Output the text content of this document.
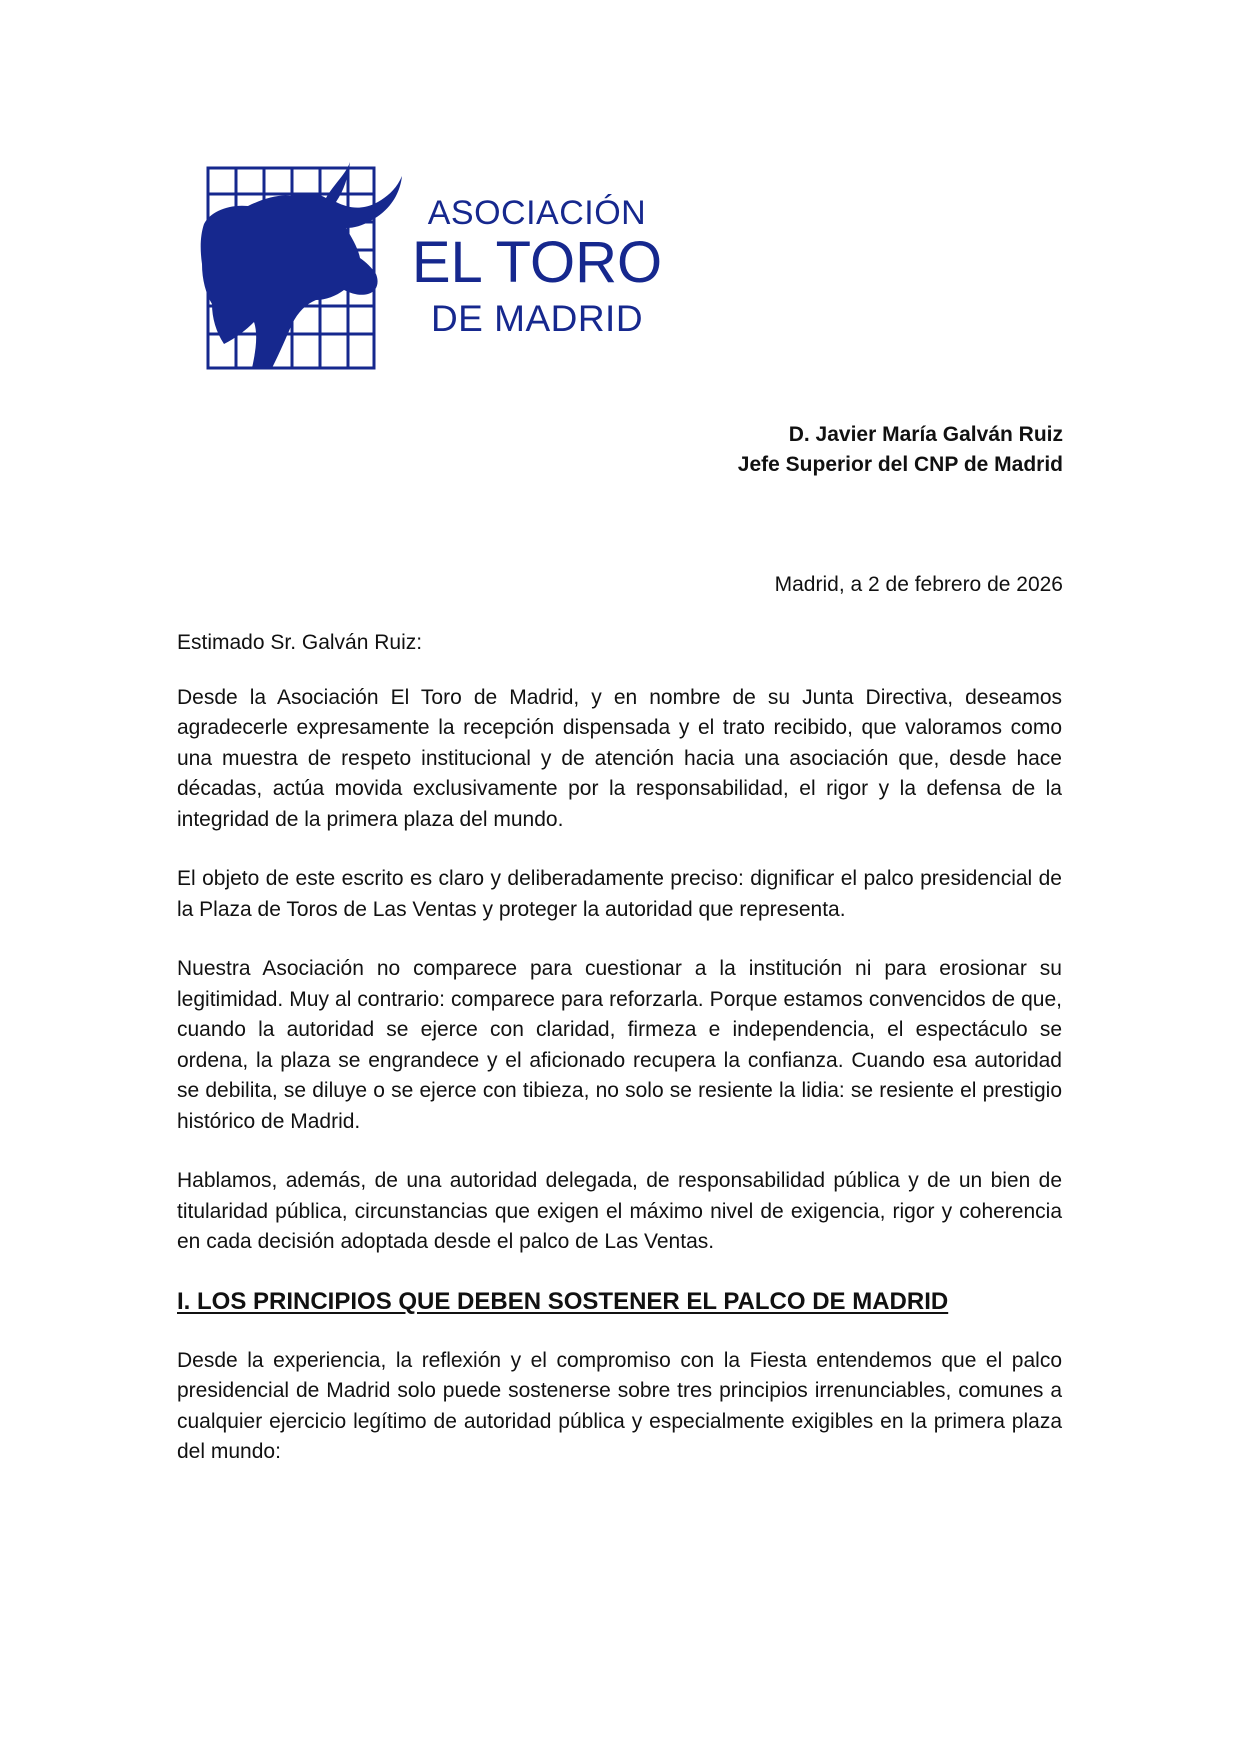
ASOCIACIÓN
EL TORO
DE MADRID
D. Javier María Galván Ruiz
Jefe Superior del CNP de Madrid
Madrid, a 2 de febrero de 2026

Estimado Sr. Galván Ruiz:

Desde la Asociación El Toro de Madrid, y en nombre de su Junta Directiva, deseamos agradecerle expresamente la recepción dispensada y el trato recibido, que valoramos como una muestra de respeto institucional y de atención hacia una asociación que, desde hace décadas, actúa movida exclusivamente por la responsabilidad, el rigor y la defensa de la integridad de la primera plaza del mundo.

El objeto de este escrito es claro y deliberadamente preciso: dignificar el palco presidencial de la Plaza de Toros de Las Ventas y proteger la autoridad que representa.

Nuestra Asociación no comparece para cuestionar a la institución ni para erosionar su legitimidad. Muy al contrario: comparece para reforzarla. Porque estamos convencidos de que, cuando la autoridad se ejerce con claridad, firmeza e independencia, el espectáculo se ordena, la plaza se engrandece y el aficionado recupera la confianza. Cuando esa autoridad se debilita, se diluye o se ejerce con tibieza, no solo se resiente la lidia: se resiente el prestigio histórico de Madrid.

Hablamos, además, de una autoridad delegada, de responsabilidad pública y de un bien de titularidad pública, circunstancias que exigen el máximo nivel de exigencia, rigor y coherencia en cada decisión adoptada desde el palco de Las Ventas.

I. LOS PRINCIPIOS QUE DEBEN SOSTENER EL PALCO DE MADRID

Desde la experiencia, la reflexión y el compromiso con la Fiesta entendemos que el palco presidencial de Madrid solo puede sostenerse sobre tres principios irrenunciables, comunes a cualquier ejercicio legítimo de autoridad pública y especialmente exigibles en la primera plaza del mundo:
